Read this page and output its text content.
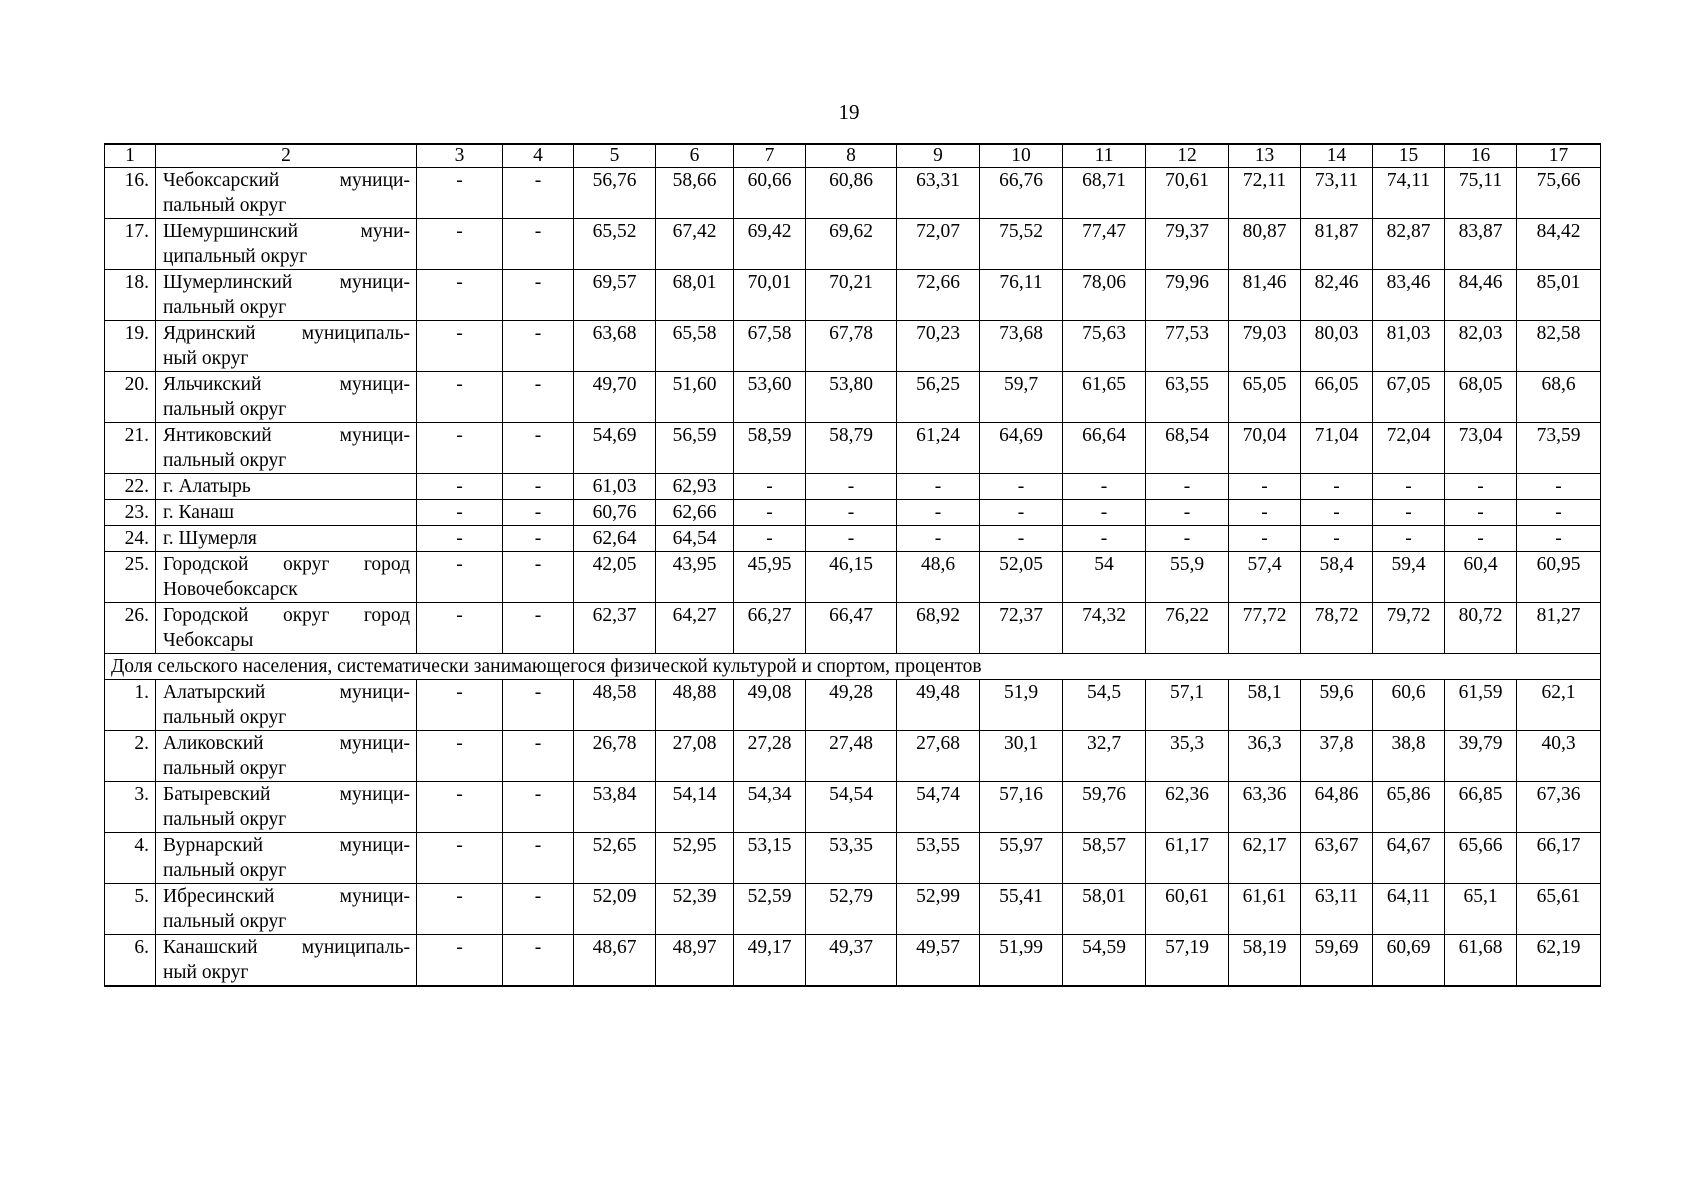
19
1	2	3	4	5	6	7	8	9	10	11	12	13	14	15	16	17
16.	Чебоксарский муници-
пальный округ	-	-	56,76	58,66	60,66	60,86	63,31	66,76	68,71	70,61	72,11	73,11	74,11	75,11	75,66
17.	Шемуршинский муни-
ципальный округ	-	-	65,52	67,42	69,42	69,62	72,07	75,52	77,47	79,37	80,87	81,87	82,87	83,87	84,42
18.	Шумерлинский муници-
пальный округ	-	-	69,57	68,01	70,01	70,21	72,66	76,11	78,06	79,96	81,46	82,46	83,46	84,46	85,01
19.	Ядринский муниципаль-
ный округ	-	-	63,68	65,58	67,58	67,78	70,23	73,68	75,63	77,53	79,03	80,03	81,03	82,03	82,58
20.	Яльчикский муници-
пальный округ	-	-	49,70	51,60	53,60	53,80	56,25	59,7	61,65	63,55	65,05	66,05	67,05	68,05	68,6
21.	Янтиковский муници-
пальный округ	-	-	54,69	56,59	58,59	58,79	61,24	64,69	66,64	68,54	70,04	71,04	72,04	73,04	73,59
22.	г. Алатырь	-	-	61,03	62,93	-	-	-	-	-	-	-	-	-	-	-
23.	г. Канаш	-	-	60,76	62,66	-	-	-	-	-	-	-	-	-	-	-
24.	г. Шумерля	-	-	62,64	64,54	-	-	-	-	-	-	-	-	-	-	-
25.	Городской округ город
Новочебоксарск	-	-	42,05	43,95	45,95	46,15	48,6	52,05	54	55,9	57,4	58,4	59,4	60,4	60,95
26.	Городской округ город
Чебоксары	-	-	62,37	64,27	66,27	66,47	68,92	72,37	74,32	76,22	77,72	78,72	79,72	80,72	81,27
Доля сельского населения, систематически занимающегося физической культурой и спортом, процентов																
1.	Алатырский муници-
пальный округ	-	-	48,58	48,88	49,08	49,28	49,48	51,9	54,5	57,1	58,1	59,6	60,6	61,59	62,1
2.	Аликовский муници-
пальный округ	-	-	26,78	27,08	27,28	27,48	27,68	30,1	32,7	35,3	36,3	37,8	38,8	39,79	40,3
3.	Батыревский муници-
пальный округ	-	-	53,84	54,14	54,34	54,54	54,74	57,16	59,76	62,36	63,36	64,86	65,86	66,85	67,36
4.	Вурнарский муници-
пальный округ	-	-	52,65	52,95	53,15	53,35	53,55	55,97	58,57	61,17	62,17	63,67	64,67	65,66	66,17
5.	Ибресинский муници-
пальный округ	-	-	52,09	52,39	52,59	52,79	52,99	55,41	58,01	60,61	61,61	63,11	64,11	65,1	65,61
6.	Канашский муниципаль-
ный округ	-	-	48,67	48,97	49,17	49,37	49,57	51,99	54,59	57,19	58,19	59,69	60,69	61,68	62,19
